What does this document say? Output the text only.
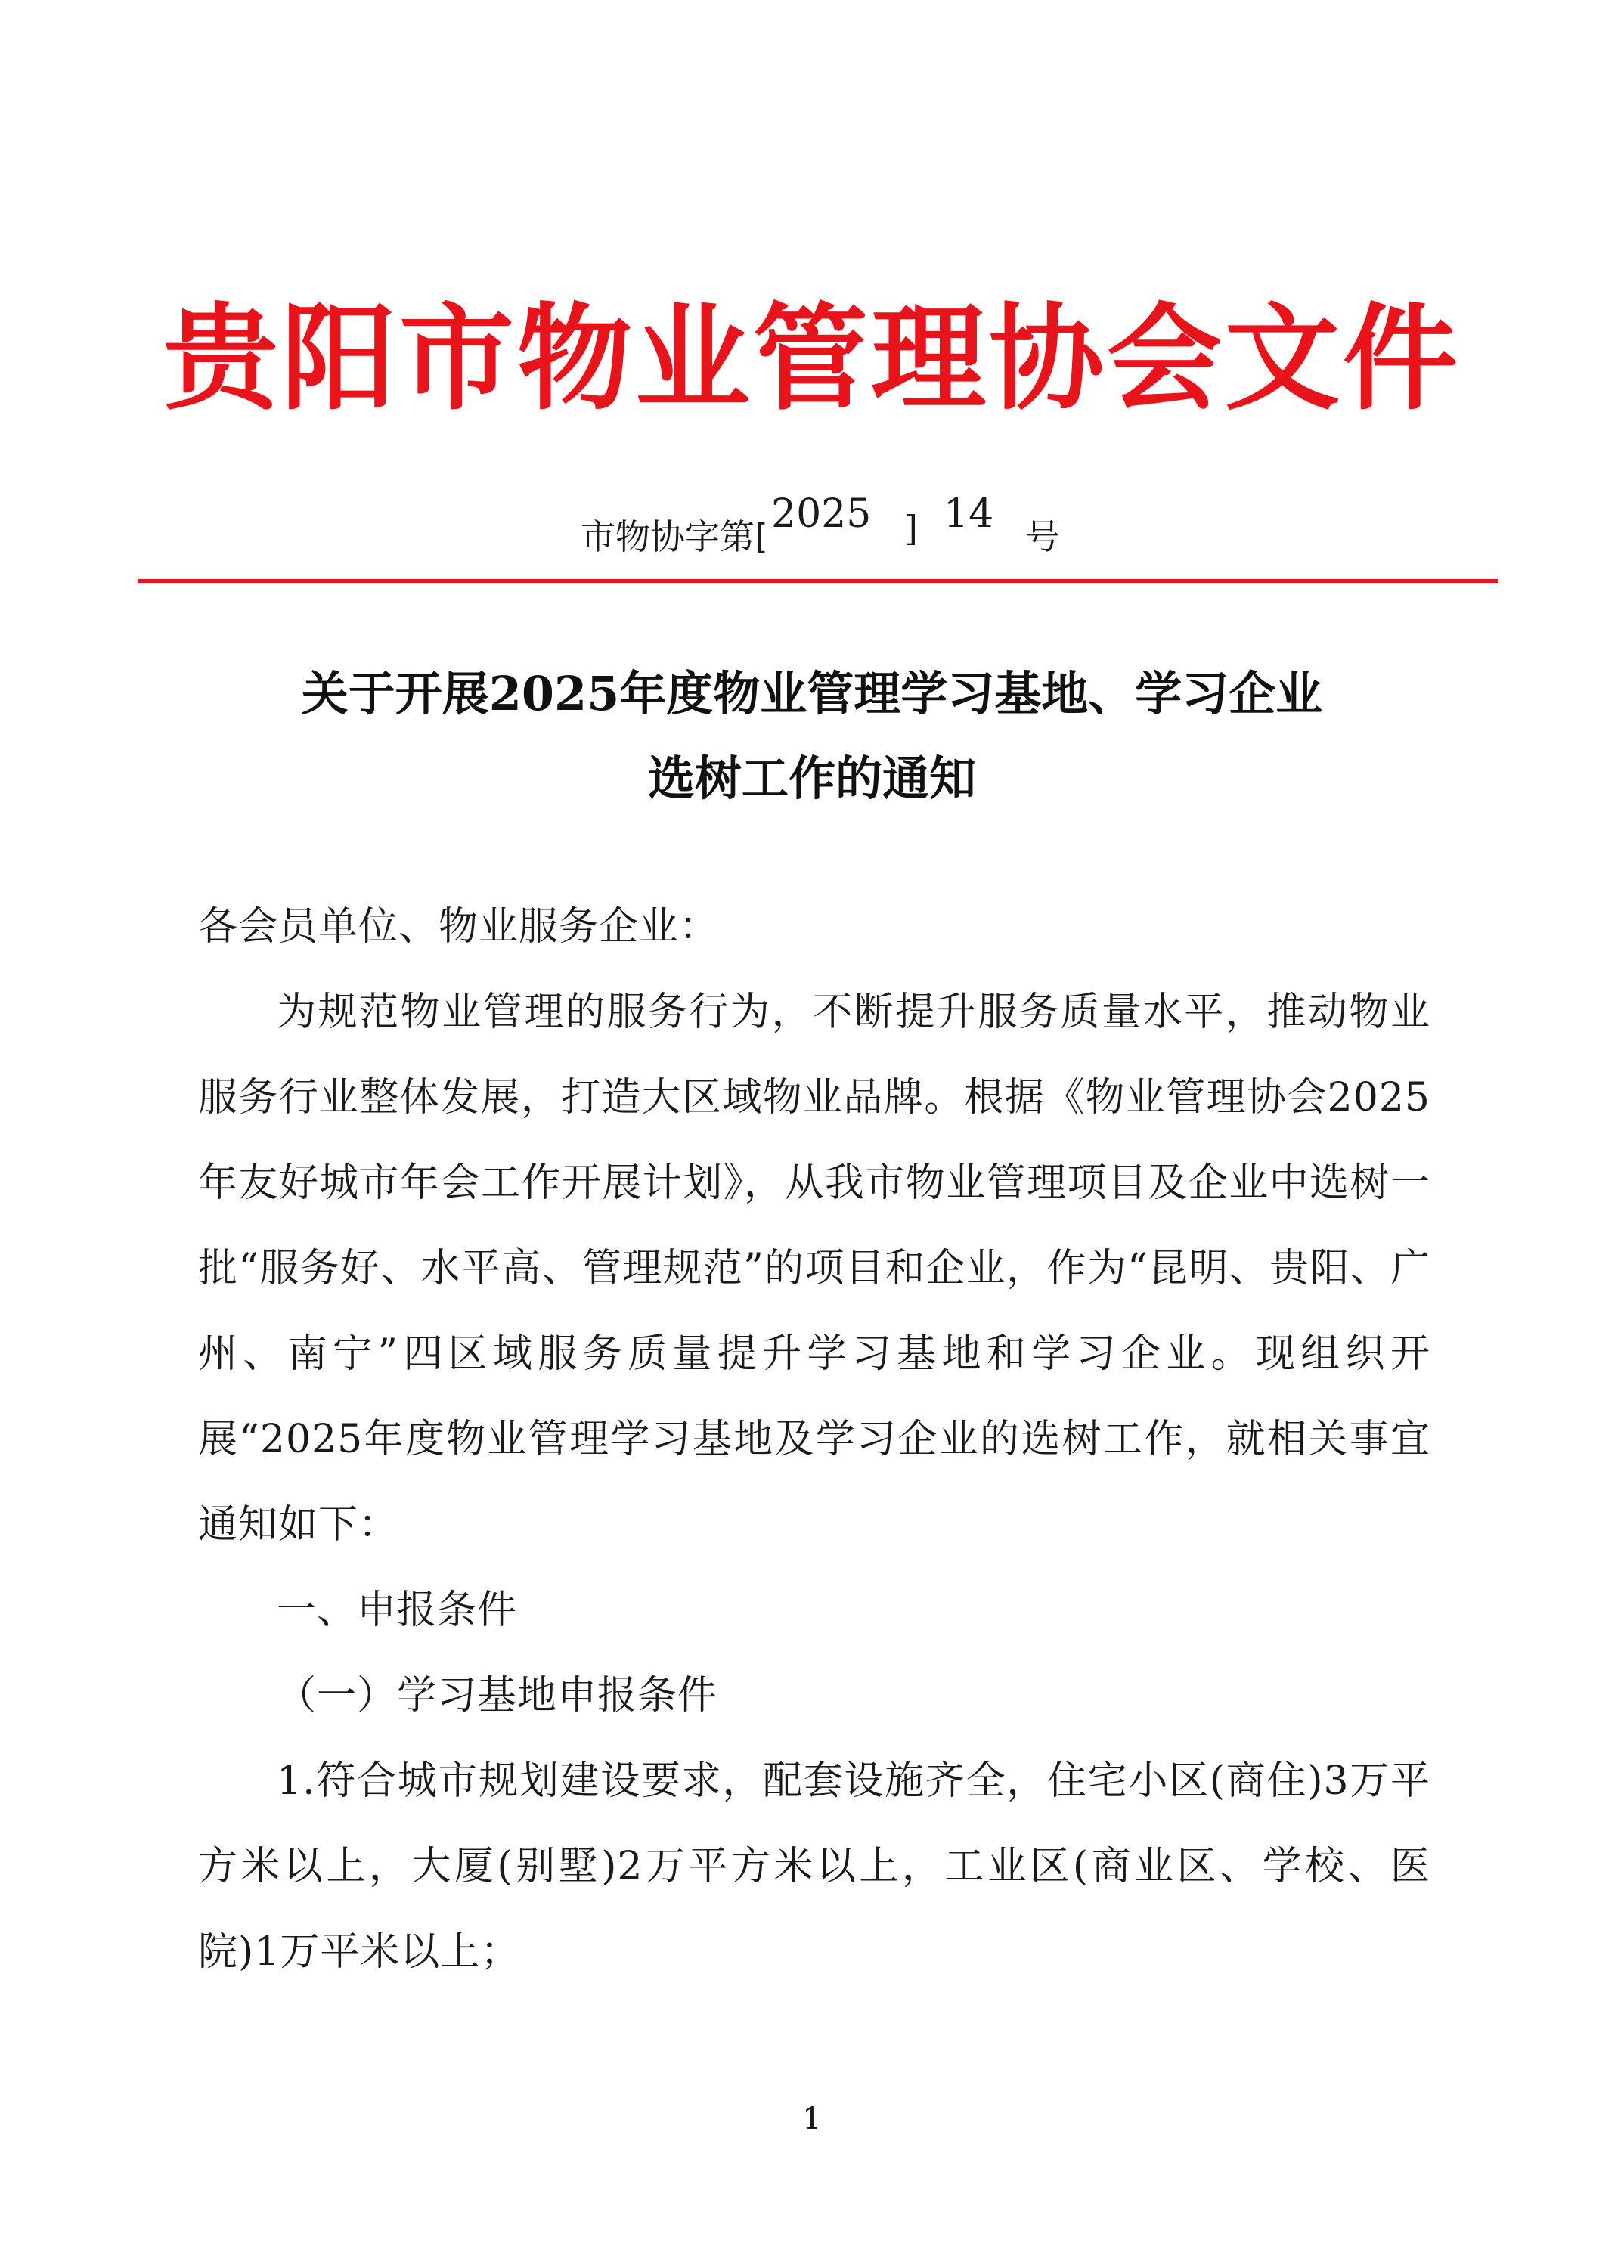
贵阳市物业管理协会文件
市物协字第[ 2025 ] 14 号
关于开展2025年度物业管理学习基地、学习企业
选树工作的通知

各会员单位、物业服务企业：

为规范物业管理的服务行为，不断提升服务质量水平，推动物业服务行业整体发展，打造大区域物业品牌。根据《物业管理协会2025年友好城市年会工作开展计划》，从我市物业管理项目及企业中选树一批“服务好、水平高、管理规范”的项目和企业，作为“昆明、贵阳、广州、南宁”四区域服务质量提升学习基地和学习企业。现组织开展“2025年度物业管理学习基地及学习企业的选树工作，就相关事宜通知如下：

一、申报条件

（一）学习基地申报条件

1.符合城市规划建设要求，配套设施齐全，住宅小区(商住)3万平方米以上，大厦(别墅)2万平方米以上，工业区(商业区、学校、医院)1万平米以上；

1
